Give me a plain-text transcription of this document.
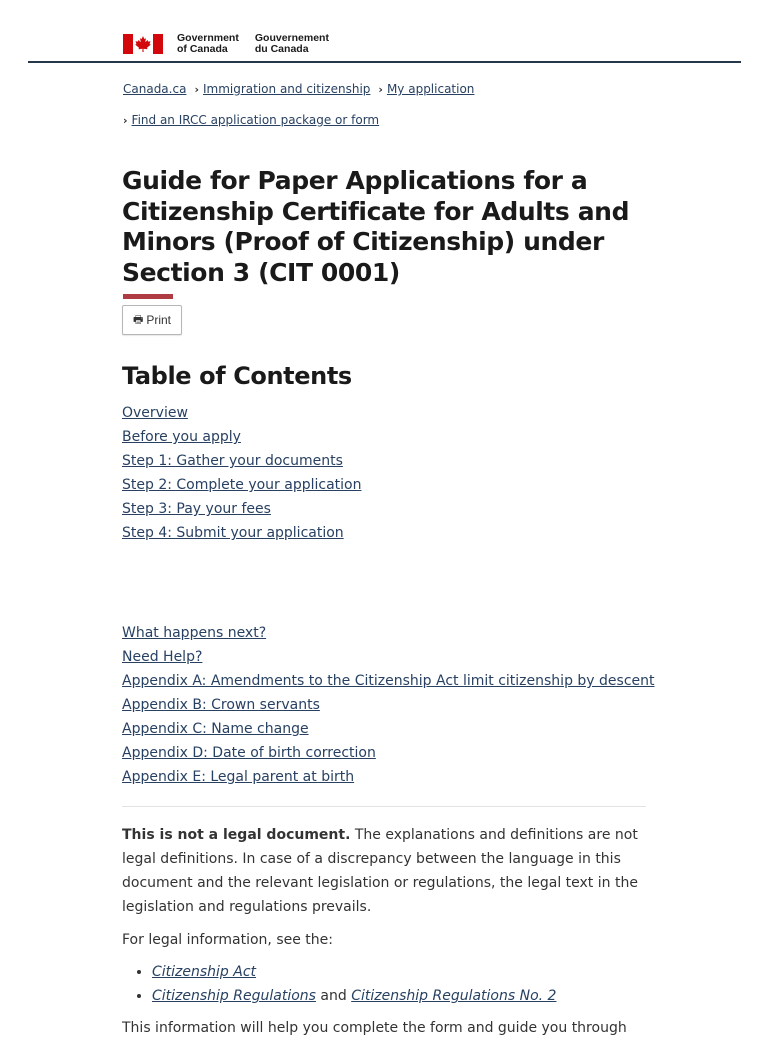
Government
of Canada
Gouvernement
du Canada
Canada.ca › Immigration and citizenship › My application
› Find an IRCC application package or form
Guide for Paper Applications for a Citizenship Certificate for Adults and Minors (Proof of Citizenship) under Section 3 (CIT 0001)
🖶 Print
Table of Contents
Overview
Before you apply
Step 1: Gather your documents
Step 2: Complete your application
Step 3: Pay your fees
Step 4: Submit your application
What happens next?
Need Help?
Appendix A: Amendments to the Citizenship Act limit citizenship by descent
Appendix B: Crown servants
Appendix C: Name change
Appendix D: Date of birth correction
Appendix E: Legal parent at birth

This is not a legal document. The explanations and definitions are not legal definitions. In case of a discrepancy between the language in this document and the relevant legislation or regulations, the legal text in the legislation and regulations prevails.

For legal information, see the:

• Citizenship Act
• Citizenship Regulations and Citizenship Regulations No. 2

This information will help you complete the form and guide you through
